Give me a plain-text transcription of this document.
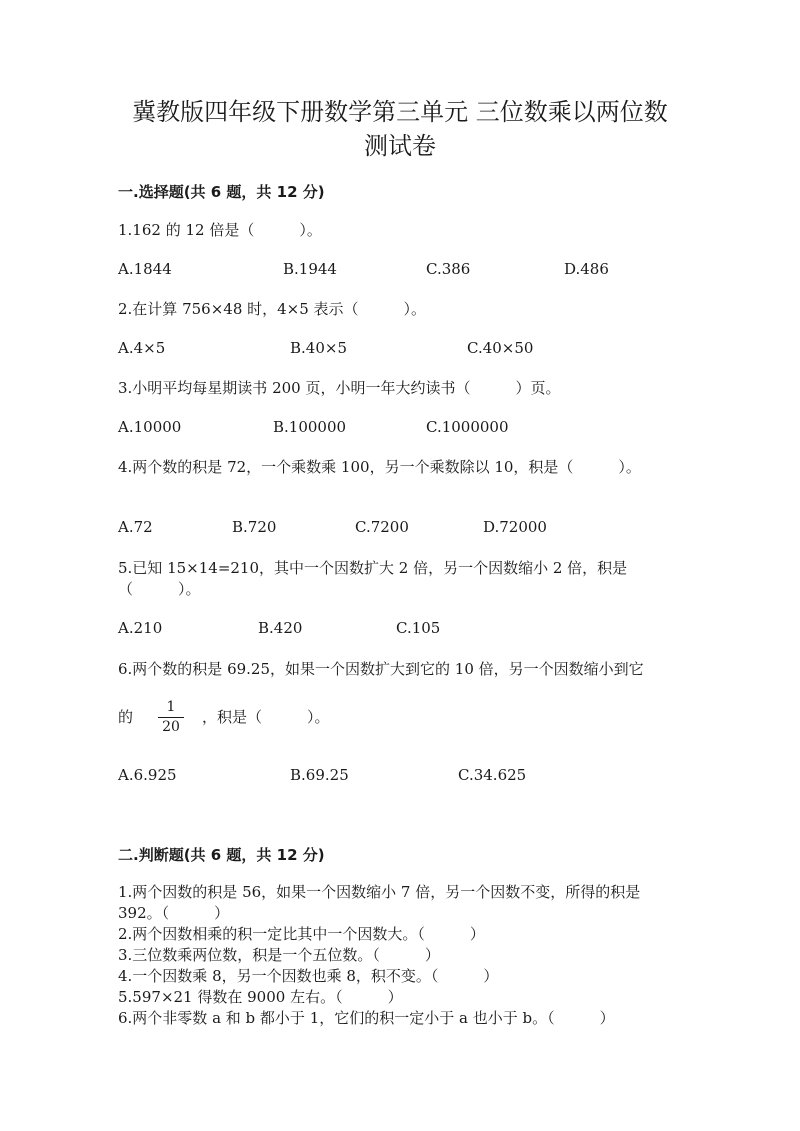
冀教版四年级下册数学第三单元 三位数乘以两位数
测试卷
一.选择题(共 6 题，共 12 分)
1.162 的 12 倍是（　　　）。
A.1844	B.1944	C.386	D.486
2.在计算 756×48 时，4×5 表示（　　　）。
A.4×5	B.40×5	C.40×50
3.小明平均每星期读书 200 页，小明一年大约读书（　　　）页。
A.10000	B.100000	C.1000000
4.两个数的积是 72，一个乘数乘 100，另一个乘数除以 10，积是（　　　）。
A.72	B.720	C.7200	D.72000
5.已知 15×14=210，其中一个因数扩大 2 倍，另一个因数缩小 2 倍，积是
（　　　）。
A.210	B.420	C.105
6.两个数的积是 69.25，如果一个因数扩大到它的 10 倍，另一个因数缩小到它
的
1
20
，积是（　　　）。
A.6.925	B.69.25	C.34.625
二.判断题(共 6 题，共 12 分)
1.两个因数的积是 56，如果一个因数缩小 7 倍，另一个因数不变，所得的积是
392。（　　　）
2.两个因数相乘的积一定比其中一个因数大。（　　　）
3.三位数乘两位数，积是一个五位数。（　　　）
4.一个因数乘 8，另一个因数也乘 8，积不变。（　　　）
5.597×21 得数在 9000 左右。（　　　）
6.两个非零数 a 和 b 都小于 1，它们的积一定小于 a 也小于 b。（　　　）
